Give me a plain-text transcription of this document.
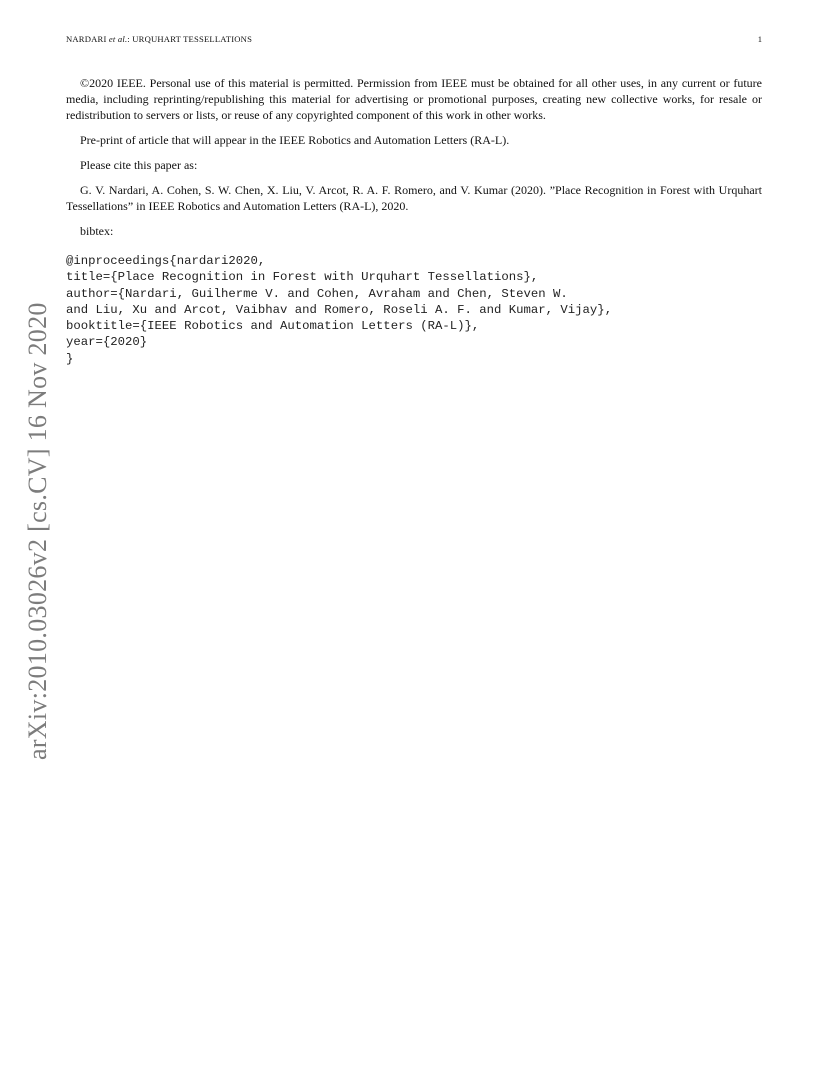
NARDARI et al.: URQUHART TESSELLATIONS	1
arXiv:2010.03026v2 [cs.CV] 16 Nov 2020

©2020 IEEE. Personal use of this material is permitted. Permission from IEEE must be obtained for all other uses, in any current or future media, including reprinting/republishing this material for advertising or promotional purposes, creating new collective works, for resale or redistribution to servers or lists, or reuse of any copyrighted component of this work in other works.

Pre-print of article that will appear in the IEEE Robotics and Automation Letters (RA-L).

Please cite this paper as:

G. V. Nardari, A. Cohen, S. W. Chen, X. Liu, V. Arcot, R. A. F. Romero, and V. Kumar (2020). ”Place Recognition in Forest with Urquhart Tessellations” in IEEE Robotics and Automation Letters (RA-L), 2020.

bibtex:

@inproceedings{nardari2020,
title={Place Recognition in Forest with Urquhart Tessellations},
author={Nardari, Guilherme V. and Cohen, Avraham and Chen, Steven W.
and Liu, Xu and Arcot, Vaibhav and Romero, Roseli A. F. and Kumar, Vijay},
booktitle={IEEE Robotics and Automation Letters (RA-L)},
year={2020}
}
